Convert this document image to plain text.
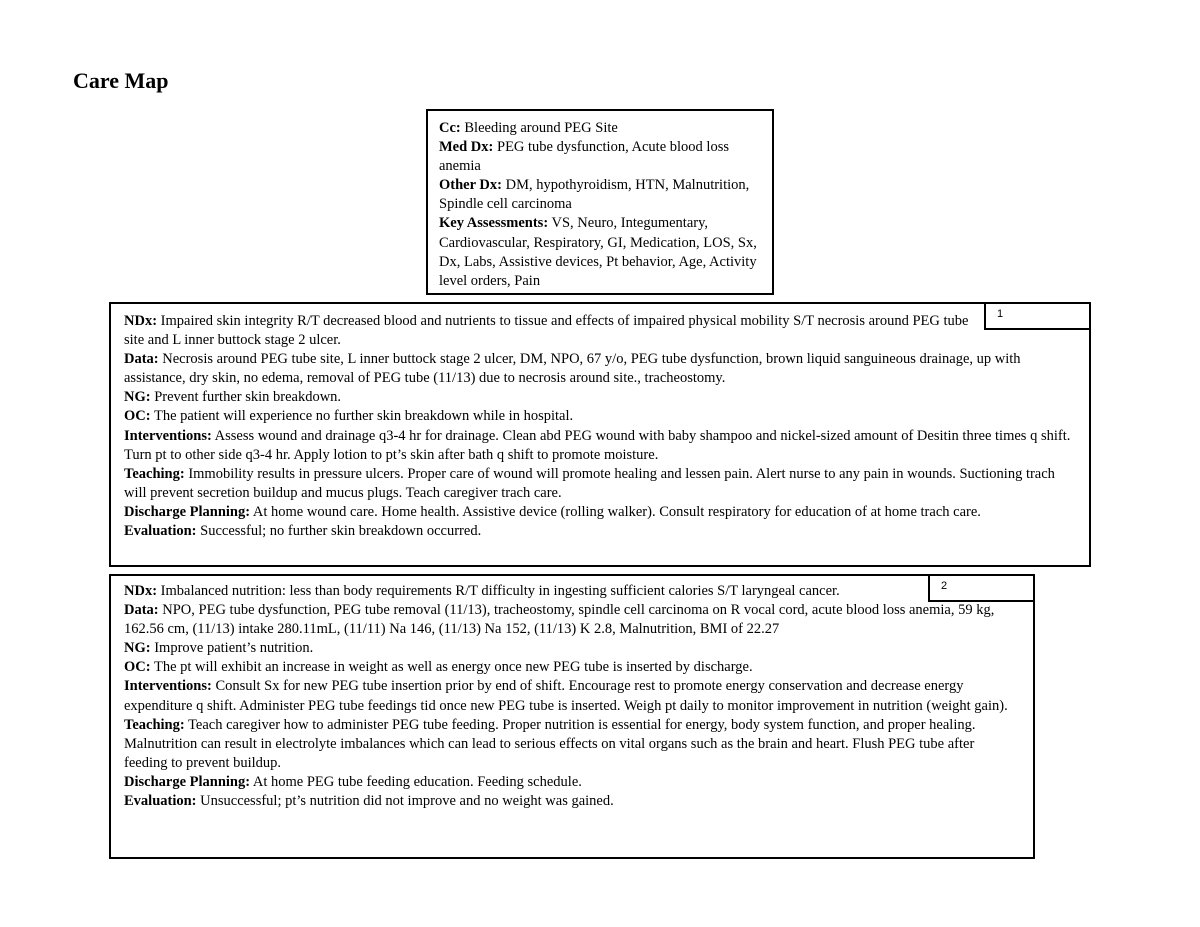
Care Map

Cc: Bleeding around PEG Site

Med Dx: PEG tube dysfunction, Acute blood loss anemia

Other Dx: DM, hypothyroidism, HTN, Malnutrition, Spindle cell carcinoma

Key Assessments: VS, Neuro, Integumentary, Cardiovascular, Respiratory, GI, Medication, LOS, Sx, Dx, Labs, Assistive devices, Pt behavior, Age, Activity level orders, Pain

1

NDx: Impaired skin integrity R/T decreased blood and nutrients to tissue and effects of impaired physical mobility S/T necrosis around PEG tube site and L inner buttock stage 2 ulcer.

Data: Necrosis around PEG tube site, L inner buttock stage 2 ulcer, DM, NPO, 67 y/o, PEG tube dysfunction, brown liquid sanguineous drainage, up with assistance, dry skin, no edema, removal of PEG tube (11/13) due to necrosis around site., tracheostomy.

NG: Prevent further skin breakdown.

OC: The patient will experience no further skin breakdown while in hospital.

Interventions: Assess wound and drainage q3-4 hr for drainage. Clean abd PEG wound with baby shampoo and nickel-sized amount of Desitin three times q shift. Turn pt to other side q3-4 hr. Apply lotion to pt’s skin after bath q shift to promote moisture.

Teaching: Immobility results in pressure ulcers. Proper care of wound will promote healing and lessen pain. Alert nurse to any pain in wounds. Suctioning trach will prevent secretion buildup and mucus plugs. Teach caregiver trach care.

Discharge Planning: At home wound care. Home health. Assistive device (rolling walker). Consult respiratory for education of at home trach care.

Evaluation: Successful; no further skin breakdown occurred.

2

NDx: Imbalanced nutrition: less than body requirements R/T difficulty in ingesting sufficient calories S/T laryngeal cancer.

Data: NPO, PEG tube dysfunction, PEG tube removal (11/13), tracheostomy, spindle cell carcinoma on R vocal cord, acute blood loss anemia, 59 kg, 162.56 cm, (11/13) intake 280.11mL, (11/11) Na 146, (11/13) Na 152, (11/13) K 2.8, Malnutrition, BMI of 22.27

NG: Improve patient’s nutrition.

OC: The pt will exhibit an increase in weight as well as energy once new PEG tube is inserted by discharge.

Interventions: Consult Sx for new PEG tube insertion prior by end of shift. Encourage rest to promote energy conservation and decrease energy expenditure q shift. Administer PEG tube feedings tid once new PEG tube is inserted. Weigh pt daily to monitor improvement in nutrition (weight gain).

Teaching: Teach caregiver how to administer PEG tube feeding. Proper nutrition is essential for energy, body system function, and proper healing. Malnutrition can result in electrolyte imbalances which can lead to serious effects on vital organs such as the brain and heart. Flush PEG tube after feeding to prevent buildup.

Discharge Planning: At home PEG tube feeding education. Feeding schedule.

Evaluation: Unsuccessful; pt’s nutrition did not improve and no weight was gained.
